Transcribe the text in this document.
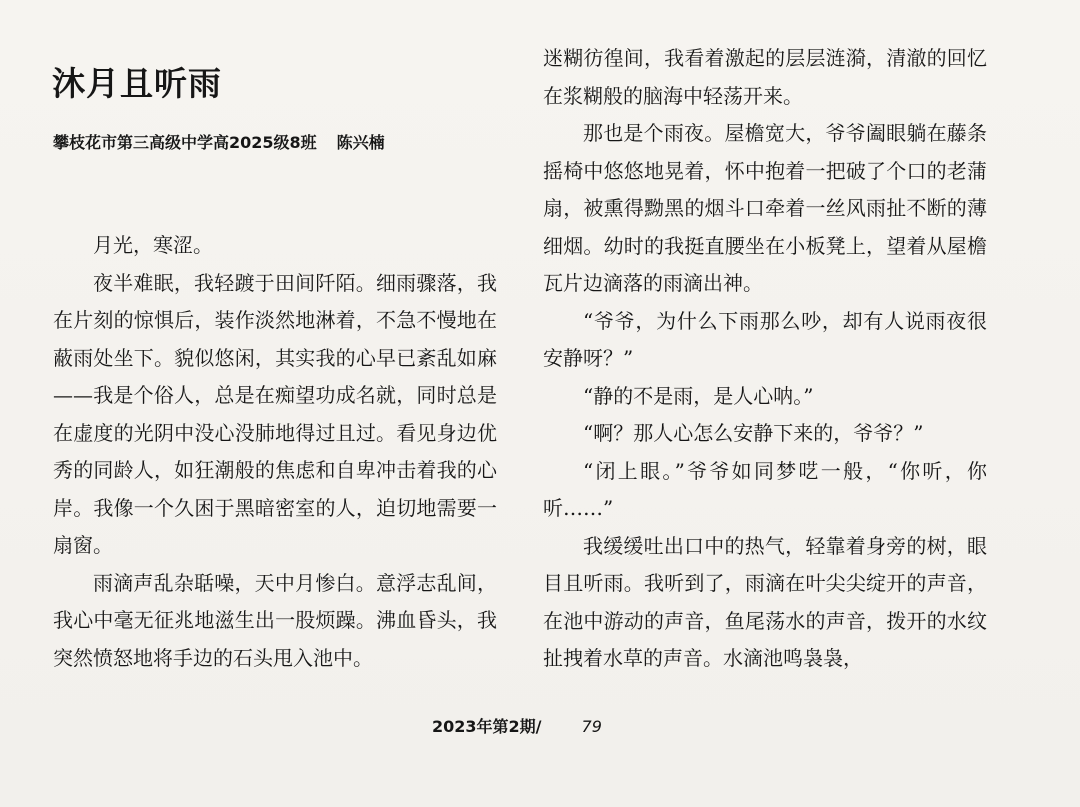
沐月且听雨
攀枝花市第三高级中学高2025级8班 陈兴楠

月光，寒涩。

夜半难眠，我轻踱于田间阡陌。细雨骤落，我在片刻的惊惧后，装作淡然地淋着，不急不慢地在蔽雨处坐下。貌似悠闲，其实我的心早已紊乱如麻——我是个俗人，总是在痴望功成名就，同时总是在虚度的光阴中没心没肺地得过且过。看见身边优秀的同龄人，如狂潮般的焦虑和自卑冲击着我的心岸。我像一个久困于黑暗密室的人，迫切地需要一扇窗。

雨滴声乱杂聒噪，天中月惨白。意浮志乱间，我心中毫无征兆地滋生出一股烦躁。沸血昏头，我突然愤怒地将手边的石头甩入池中。

迷糊彷徨间，我看着激起的层层涟漪，清澈的回忆在浆糊般的脑海中轻荡开来。

那也是个雨夜。屋檐宽大，爷爷阖眼躺在藤条摇椅中悠悠地晃着，怀中抱着一把破了个口的老蒲扇，被熏得黝黑的烟斗口牵着一丝风雨扯不断的薄细烟。幼时的我挺直腰坐在小板凳上，望着从屋檐瓦片边滴落的雨滴出神。

“爷爷，为什么下雨那么吵，却有人说雨夜很安静呀？”

“静的不是雨，是人心呐。”

“啊？那人心怎么安静下来的，爷爷？”

“闭上眼。”爷爷如同梦呓一般，“你听，你听……”

我缓缓吐出口中的热气，轻靠着身旁的树，眼目且听雨。我听到了，雨滴在叶尖尖绽开的声音，在池中游动的声音，鱼尾荡水的声音，拨开的水纹扯拽着水草的声音。水滴池鸣袅袅，

2023年第2期/	79
